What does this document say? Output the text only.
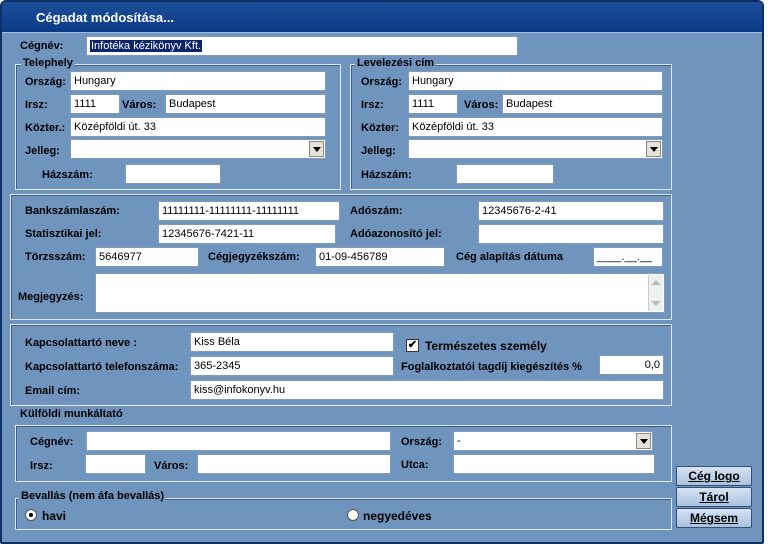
Cégadat módosítása...
Cégnév:	Infotéka kézikönyv Kft.
Telephely
Ország: Hungary
Irsz:	1111	Város:	Budapest
Közter.: Középföldi út. 33
Jelleg:
Házszám:
Levelezési cím
Ország: Hungary
Irsz:	1111	Város: Budapest
Közter:	Középföldi út. 33
Jelleg:
Házszám:
Bankszámlaszám:	11111111-11111111-11111111	Adószám:	12345676-2-41
Statisztikai jel:	12345676-7421-11	Adóazonosító jel:
Törzsszám:	5646977	Cégjegyzékszám:	01-09-456789	Cég alapítás dátuma	____.__.__
Megjegyzés:
Kapcsolattartó neve :	Kiss Béla	✔ Természetes személy
Kapcsolattartó telefonszáma:	365-2345	Foglalkoztatói tagdíj kiegészítés %	0,0
Email cím:	kiss@infokonyv.hu
Külföldi munkáltató
Cégnév:	Ország:	-
Irsz:	Város:	Utca:
Bevallás (nem áfa bevallás)
havi	negyedéves
Cég logo
Tárol
Mégsem
